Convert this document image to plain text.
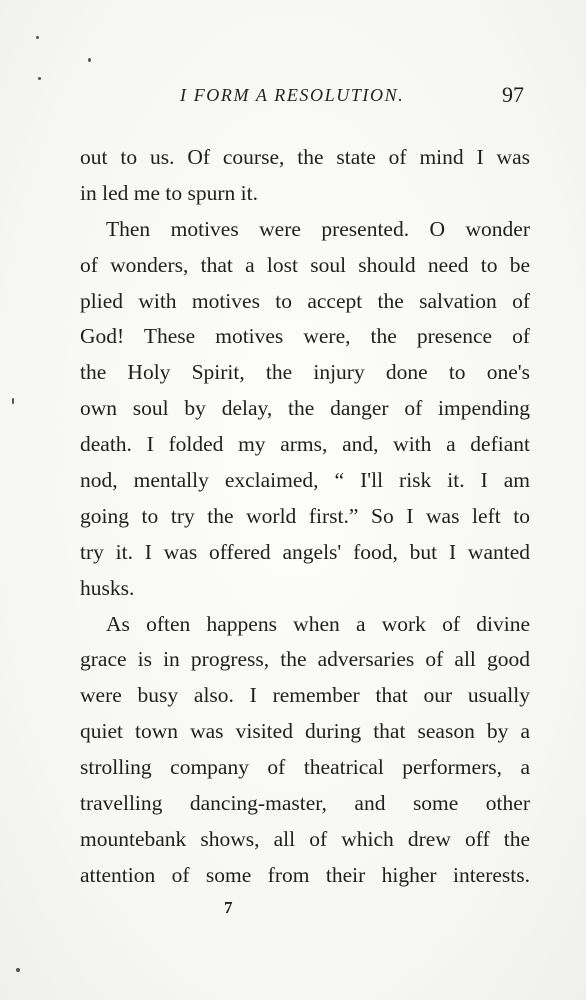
I FORM A RESOLUTION.	97
out to us. Of course, the state of mind I was
in led me to spurn it.
Then motives were presented. O wonder
of wonders, that a lost soul should need to be
plied with motives to accept the salvation of
God! These motives were, the presence of
the Holy Spirit, the injury done to one's
own soul by delay, the danger of impending
death. I folded my arms, and, with a defiant
nod, mentally exclaimed, “ I'll risk it. I am
going to try the world first.” So I was left to
try it. I was offered angels' food, but I wanted
husks.
As often happens when a work of divine
grace is in progress, the adversaries of all good
were busy also. I remember that our usually
quiet town was visited during that season by a
strolling company of theatrical performers, a
travelling dancing-master, and some other
mountebank shows, all of which drew off the
attention of some from their higher interests.
7
